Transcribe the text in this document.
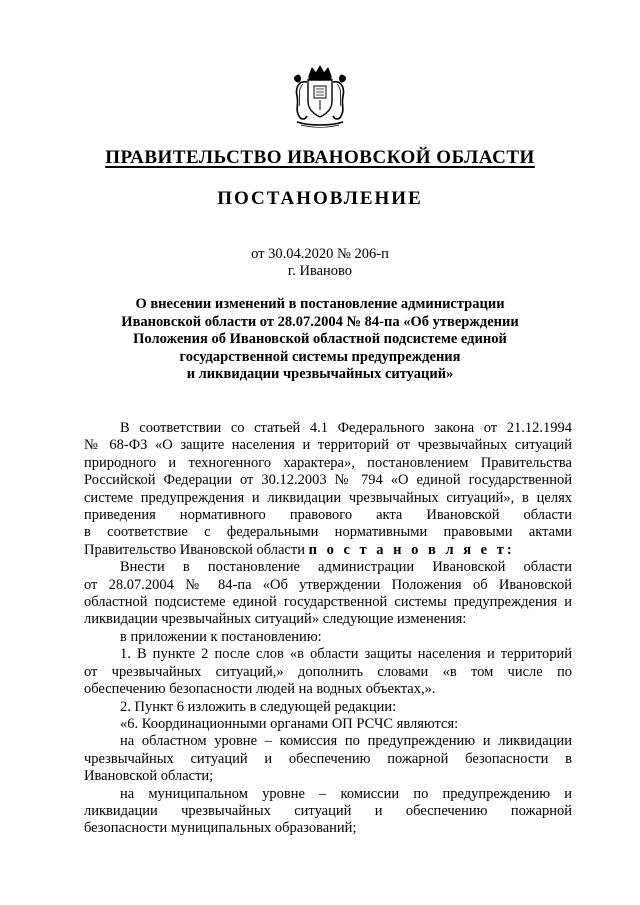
ПРАВИТЕЛЬСТВО ИВАНОВСКОЙ ОБЛАСТИ
ПОСТАНОВЛЕНИЕ
от 30.04.2020 № 206-п
г. Иваново
О внесении изменений в постановление администрации
Ивановской области от 28.07.2004 № 84-па «Об утверждении
Положения об Ивановской областной подсистеме единой
государственной системы предупреждения
и ликвидации чрезвычайных ситуаций»
В соответствии со статьей 4.1 Федерального закона от 21.12.1994
№ 68-ФЗ «О защите населения и территорий от чрезвычайных ситуаций
природного и техногенного характера», постановлением Правительства
Российской Федерации от 30.12.2003 № 794 «О единой государственной
системе предупреждения и ликвидации чрезвычайных ситуаций», в целях
приведения нормативного правового акта Ивановской области
в соответствие с федеральными нормативными правовыми актами
Правительство Ивановской области п о с т а н о в л я е т:
Внести в постановление администрации Ивановской области
от 28.07.2004 № 84-па «Об утверждении Положения об Ивановской
областной подсистеме единой государственной системы предупреждения и
ликвидации чрезвычайных ситуаций» следующие изменения:
в приложении к постановлению:
1. В пункте 2 после слов «в области защиты населения и территорий
от чрезвычайных ситуаций,» дополнить словами «в том числе по
обеспечению безопасности людей на водных объектах,».
2. Пункт 6 изложить в следующей редакции:
«6. Координационными органами ОП РСЧС являются:
на областном уровне – комиссия по предупреждению и ликвидации
чрезвычайных ситуаций и обеспечению пожарной безопасности в
Ивановской области;
на муниципальном уровне – комиссии по предупреждению и
ликвидации чрезвычайных ситуаций и обеспечению пожарной
безопасности муниципальных образований;
